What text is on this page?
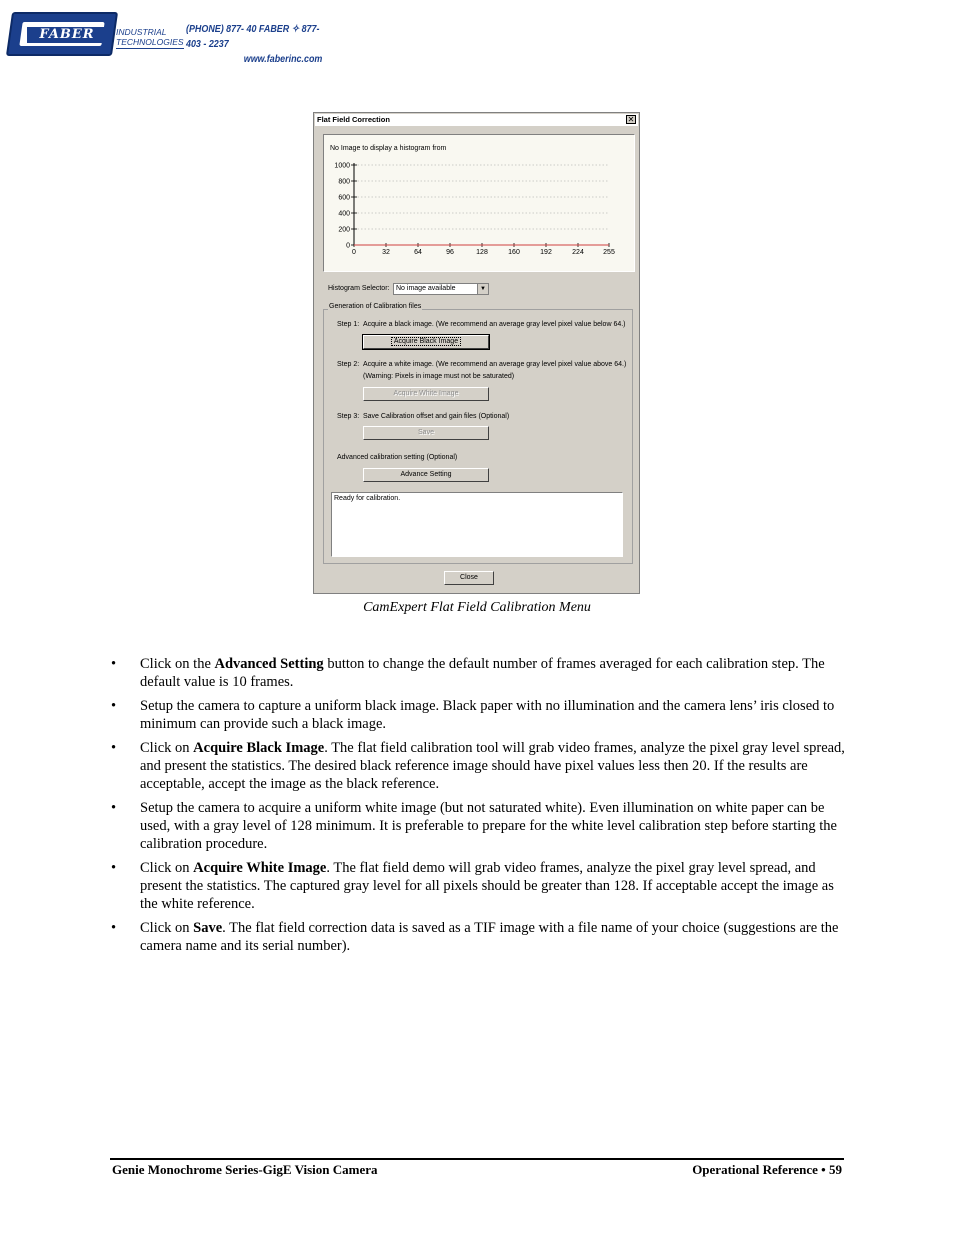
FABER	INDUSTRIAL
TECHNOLOGIES
(PHONE) 877- 40 FABER ✧ 877- 403 - 2237
www.faberinc.com
Flat Field Correction	✕
No Image to display a histogram from
1000
800
600
400
200
0
0	32	64	96	128	160	192	224	255
Histogram Selector: No image available	▼
Generation of Calibration files
Step 1: Acquire a black image. (We recommend an average gray level pixel value below 64.)
Acquire Black Image
Step 2: Acquire a white image. (We recommend an average gray level pixel value above 64.)
(Warning: Pixels in image must not be saturated)
Acquire White Image
Step 3: Save Calibration offset and gain files (Optional)
Save
Advanced calibration setting (Optional)
Advance Setting
Ready for calibration.
Close
CamExpert Flat Field Calibration Menu
• Click on the Advanced Setting button to change the default number of frames averaged for each calibration step. The default value is 10 frames.
• Setup the camera to capture a uniform black image. Black paper with no illumination and the camera lens’ iris closed to minimum can provide such a black image.
• Click on Acquire Black Image. The flat field calibration tool will grab video frames, analyze the pixel gray level spread, and present the statistics. The desired black reference image should have pixel values less then 20. If the results are acceptable, accept the image as the black reference.
• Setup the camera to acquire a uniform white image (but not saturated white). Even illumination on white paper can be used, with a gray level of 128 minimum. It is preferable to prepare for the white level calibration step before starting the calibration procedure.
• Click on Acquire White Image. The flat field demo will grab video frames, analyze the pixel gray level spread, and present the statistics. The captured gray level for all pixels should be greater than 128. If acceptable accept the image as the white reference.
• Click on Save. The flat field correction data is saved as a TIF image with a file name of your choice (suggestions are the camera name and its serial number).
Genie Monochrome Series-GigE Vision Camera	Operational Reference • 59
